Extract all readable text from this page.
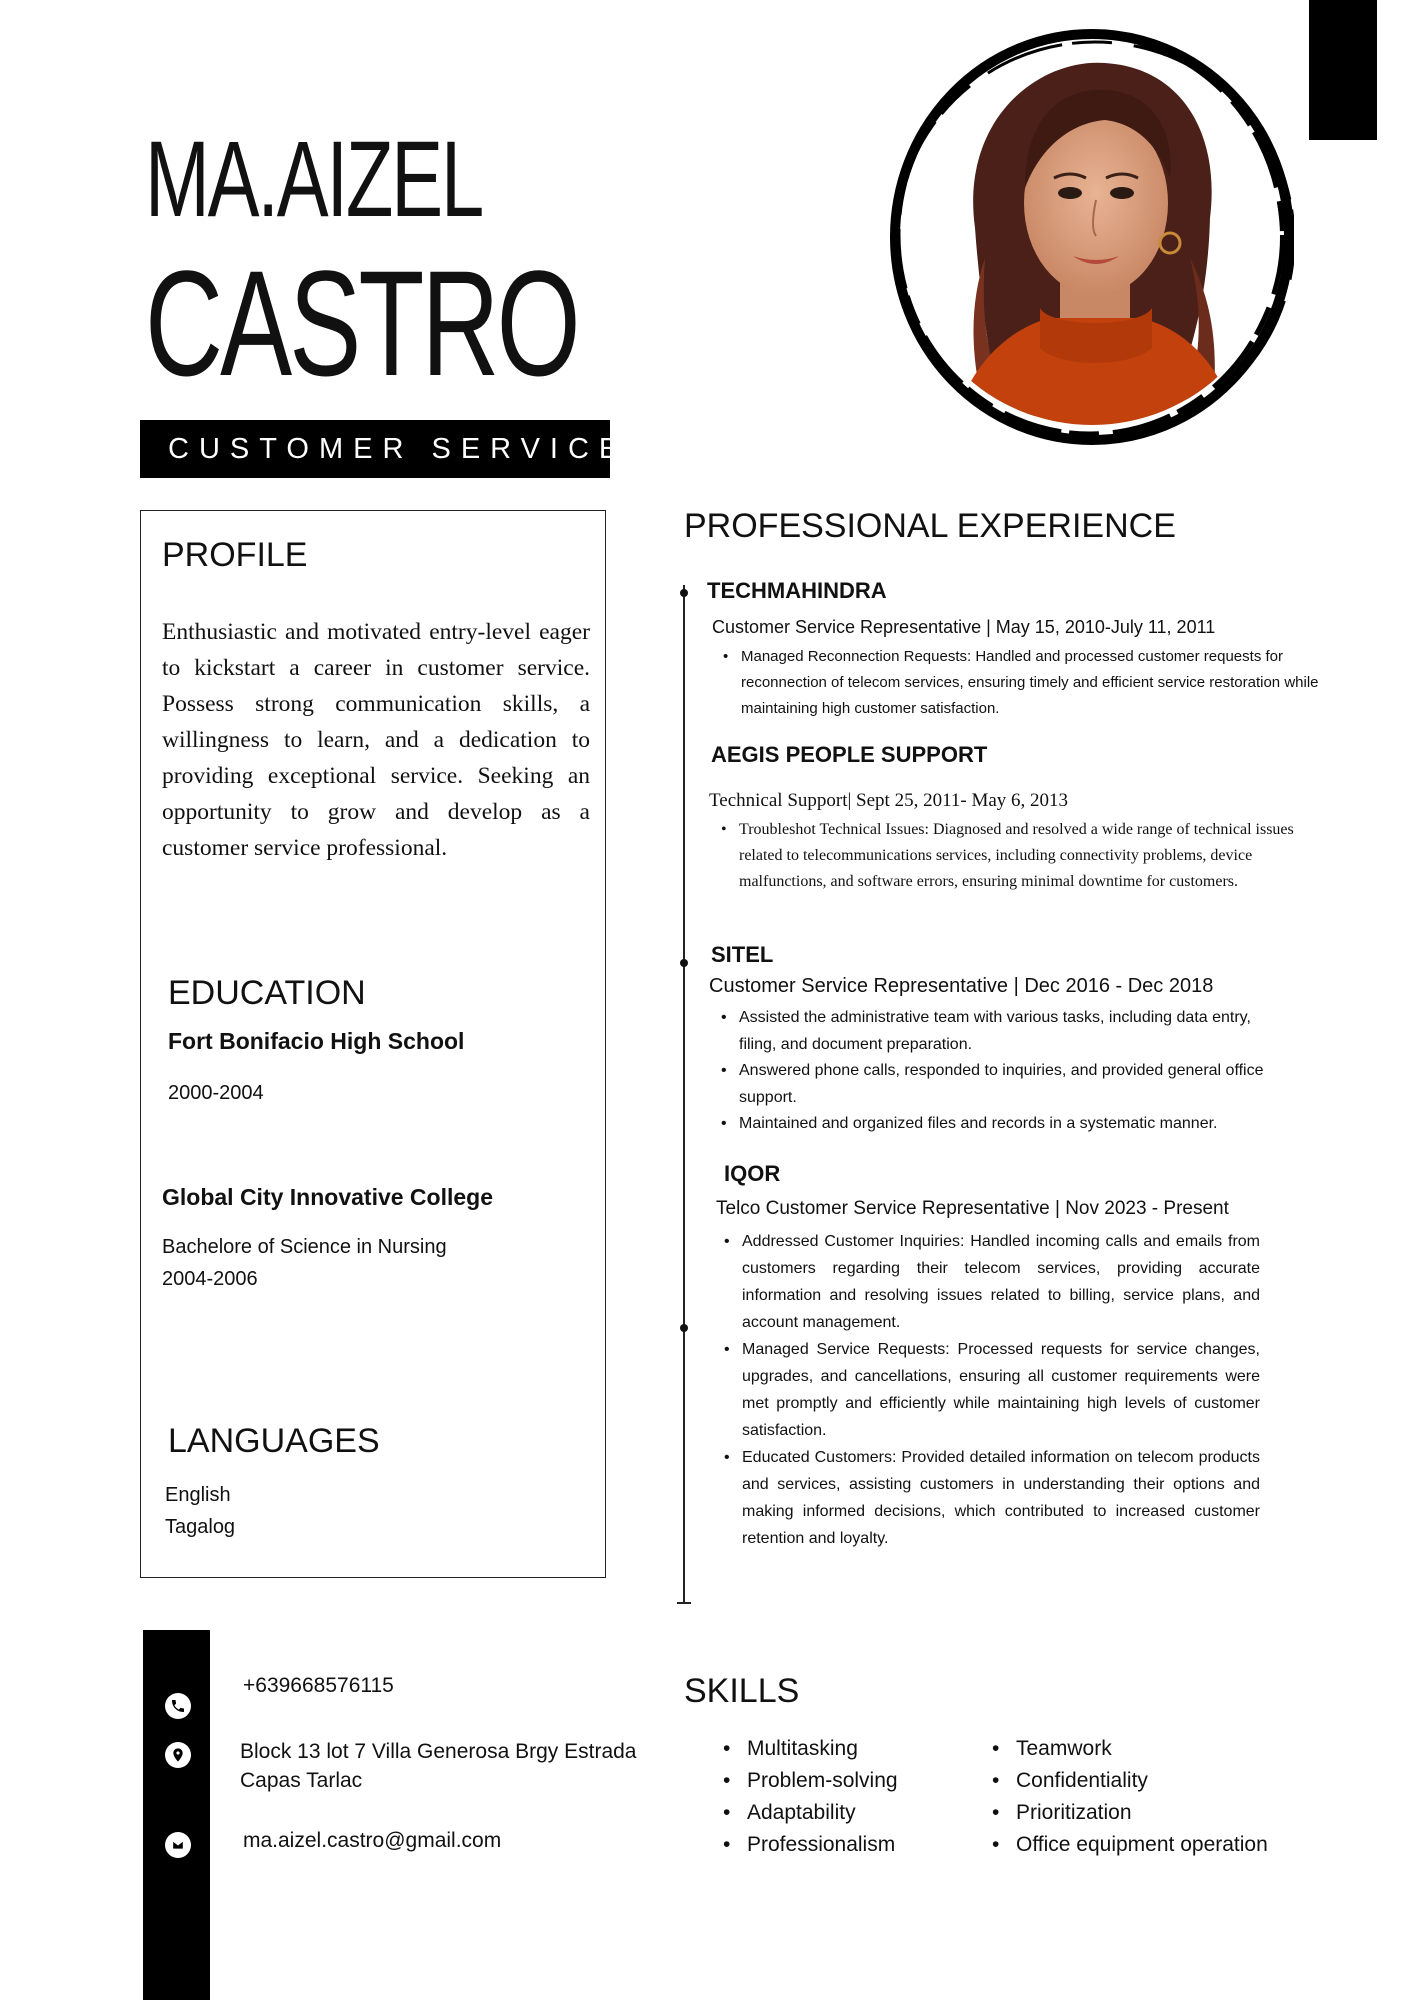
MA.AIZEL
CASTRO
CUSTOMER SERVICE
PROFILE
Enthusiastic and motivated entry-level eager to kickstart a career in customer service. Possess strong communication skills, a willingness to learn, and a dedication to providing exceptional service. Seeking an opportunity to grow and develop as a customer service professional.
EDUCATION
Fort Bonifacio High School
2000-2004
Global City Innovative College
Bachelore of Science in Nursing
2004-2006
LANGUAGES
English
Tagalog
PROFESSIONAL EXPERIENCE
TECHMAHINDRA
Customer Service Representative | May 15, 2010-July 11, 2011
• Managed Reconnection Requests: Handled and processed customer requests for reconnection of telecom services, ensuring timely and efficient service restoration while maintaining high customer satisfaction.
AEGIS PEOPLE SUPPORT
Technical Support| Sept 25, 2011- May 6, 2013
• Troubleshot Technical Issues: Diagnosed and resolved a wide range of technical issues related to telecommunications services, including connectivity problems, device malfunctions, and software errors, ensuring minimal downtime for customers.
SITEL
Customer Service Representative | Dec 2016 - Dec 2018
• Assisted the administrative team with various tasks, including data entry, filing, and document preparation.
• Answered phone calls, responded to inquiries, and provided general office support.
• Maintained and organized files and records in a systematic manner.
IQOR
Telco Customer Service Representative | Nov 2023 - Present
• Addressed Customer Inquiries: Handled incoming calls and emails from customers regarding their telecom services, providing accurate information and resolving issues related to billing, service plans, and account management.
• Managed Service Requests: Processed requests for service changes, upgrades, and cancellations, ensuring all customer requirements were met promptly and efficiently while maintaining high levels of customer satisfaction.
• Educated Customers: Provided detailed information on telecom products and services, assisting customers in understanding their options and making informed decisions, which contributed to increased customer retention and loyalty.
+639668576115
Block 13 lot 7 Villa Generosa Brgy Estrada
Capas Tarlac
ma.aizel.castro@gmail.com
SKILLS
• Multitasking
• Problem-solving
• Adaptability
• Professionalism
• Teamwork
• Confidentiality
• Prioritization
• Office equipment operation
